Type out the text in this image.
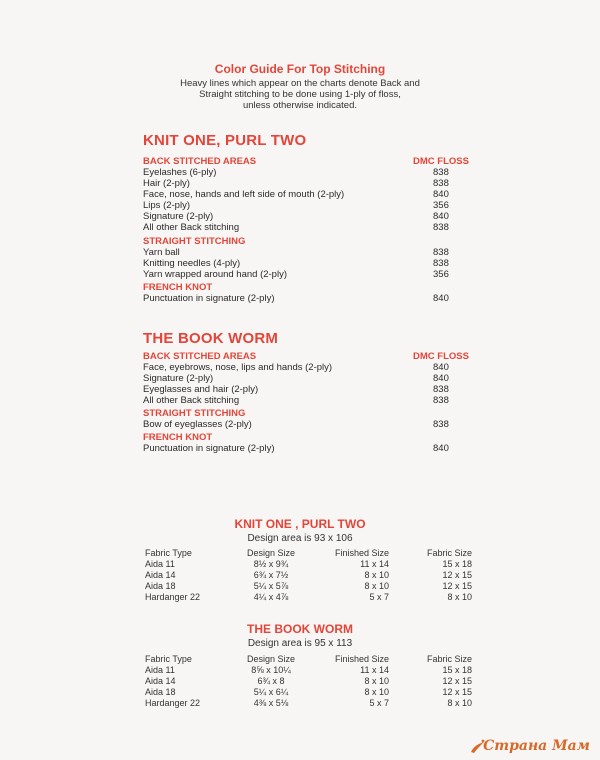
Color Guide For Top Stitching
Heavy lines which appear on the charts denote Back and
Straight stitching to be done using 1-ply of floss,
unless otherwise indicated.
KNIT ONE, PURL TWO
BACK STITCHED AREAS	DMC FLOSS
Eyelashes (6-ply)	838
Hair (2-ply)	838
Face, nose, hands and left side of mouth (2-ply)	840
Lips (2-ply)	356
Signature (2-ply)	840
All other Back stitching	838
STRAIGHT STITCHING
Yarn ball	838
Knitting needles (4-ply)	838
Yarn wrapped around hand (2-ply)	356
FRENCH KNOT
Punctuation in signature (2-ply)	840
THE BOOK WORM
BACK STITCHED AREAS	DMC FLOSS
Face, eyebrows, nose, lips and hands (2-ply)	840
Signature (2-ply)	840
Eyeglasses and hair (2-ply)	838
All other Back stitching	838
STRAIGHT STITCHING
Bow of eyeglasses (2-ply)	838
FRENCH KNOT
Punctuation in signature (2-ply)	840
KNIT ONE , PURL TWO
Design area is 93 x 106
Fabric Type	Design Size	Finished Size	Fabric Size
Aida 11	8½ x 9¾	11 x 14	15 x 18
Aida 14	6¾ x 7½	8 x 10	12 x 15
Aida 18	5¼ x 5⅞	8 x 10	12 x 15
Hardanger 22	4¼ x 4⅞	5 x 7	8 x 10
THE BOOK WORM
Design area is 95 x 113
Fabric Type	Design Size	Finished Size	Fabric Size
Aida 11	8⅝ x 10¼	11 x 14	15 x 18
Aida 14	6¾ x 8	8 x 10	12 x 15
Aida 18	5¼ x 6¼	8 x 10	12 x 15
Hardanger 22	4⅜ x 5⅛	5 x 7	8 x 10
Страна Мам
